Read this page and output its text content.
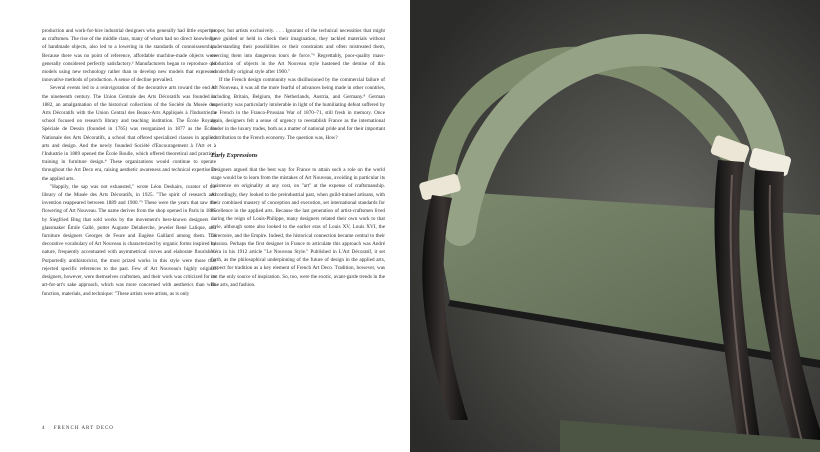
production and work-for-hire industrial designers who generally had little expertise as craftsmen. The rise of the middle class, many of whom had no direct knowledge of handmade objects, also led to a lowering in the standards of connoisseurship. Because there was no point of reference, affordable machine-made objects were generally considered perfectly satisfactory.³ Manufacturers began to reproduce old models using new technology rather than to develop new models that expressed innovative methods of production. A sense of decline prevailed.

Several events led to a reinvigoration of the decorative arts toward the end of the nineteenth century. The Union Centrale des Arts Décoratifs was founded in 1882, an amalgamation of the historical collections of the Société du Musée des Arts Décoratifs with the Union Central des Beaux-Arts Appliqués à l'Industrie, a school focused on research library and teaching institution. The École Royale Spéciale de Dessin (founded in 1765) was reorganized in 1877 as the École Nationale des Arts Décoratifs, a school that offered specialized classes in applied arts and design. And the newly founded Société d'Encouragement à l'Art et à l'Industrie in 1889 opened the École Boulle, which offered theoretical and practical training in furniture design.⁴ These organizations would continue to operate throughout the Art Deco era, raising aesthetic awareness and technical expertise in the applied arts.

"Happily, the sap was not exhausted," wrote Léon Deshairs, curator of the library of the Musée des Arts Décoratifs, in 1925. "The spirit of research and invention reappeared between 1889 and 1900."⁵ These were the years that saw the flowering of Art Nouveau. The name derives from the shop opened in Paris in 1895 by Siegfried Bing that sold works by the movement's best-known designers — glassmaker Émile Gallé, potter Auguste Delaherche, jeweler René Lalique, and furniture designers Georges de Feure and Eugène Gaillard among them. The decorative vocabulary of Art Nouveau is characterized by organic forms inspired by nature, frequently accentuated with asymmetrical curves and elaborate flourishes. Purportedly antihistoricist, the most prized works in this style were those that rejected specific references to the past. Few of Art Nouveau's highly original designers, however, were themselves craftsmen, and their work was criticized for its art-for-art's sake approach, which was more concerned with aesthetics than with function, materials, and technique: "These artists were artists, as is only

proper, but artists exclusively. . . . Ignorant of the technical necessities that might have guided or held in check their imagination, they tackled materials without understanding their possibilities or their constraints and often mistreated them, coercing them into dangerous tours de force."⁶ Regrettably, poor-quality mass-production of objects in the Art Nouveau style hastened the demise of this wonderfully original style after 1900.⁷

If the French design community was disillusioned by the commercial failure of Art Nouveau, it was all the more fearful of advances being made in other countries, including Britain, Belgium, the Netherlands, Austria, and Germany.⁸ German superiority was particularly intolerable in light of the humiliating defeat suffered by the French in the Franco-Prussian War of 1870–71, still fresh in memory. Once again, designers felt a sense of urgency to reestablish France as the international leader in the luxury trades, both as a matter of national pride and for their important contribution to the French economy. The question was, How?

Early Expressions

Designers argued that the best way for France to attain such a role on the world stage would be to learn from the mistakes of Art Nouveau, avoiding in particular its insistence on originality at any cost, on "art" at the expense of craftsmanship. Accordingly, they looked to the preindustrial past, when guild-trained artisans, with their combined mastery of conception and execution, set international standards for excellence in the applied arts. Because the last generation of artist-craftsmen lived during the reign of Louis-Philippe, many designers related their own work to that style, although some also looked to the earlier eras of Louis XV, Louis XVI, the Directoire, and the Empire. Indeed, the historical connection became central to their mission. Perhaps the first designer in France to articulate this approach was André Véra in his 1912 article "Le Nouveau Style." Published in L'Art Décoratif, it set forth, as the philosophical underpinning of the future of design in the applied arts, respect for tradition as a key element of French Art Deco. Tradition, however, was not the only source of inspiration. So, too, were the exotic, avant-garde trends in the fine arts, and fashion.

4 FRENCH ART DECO
